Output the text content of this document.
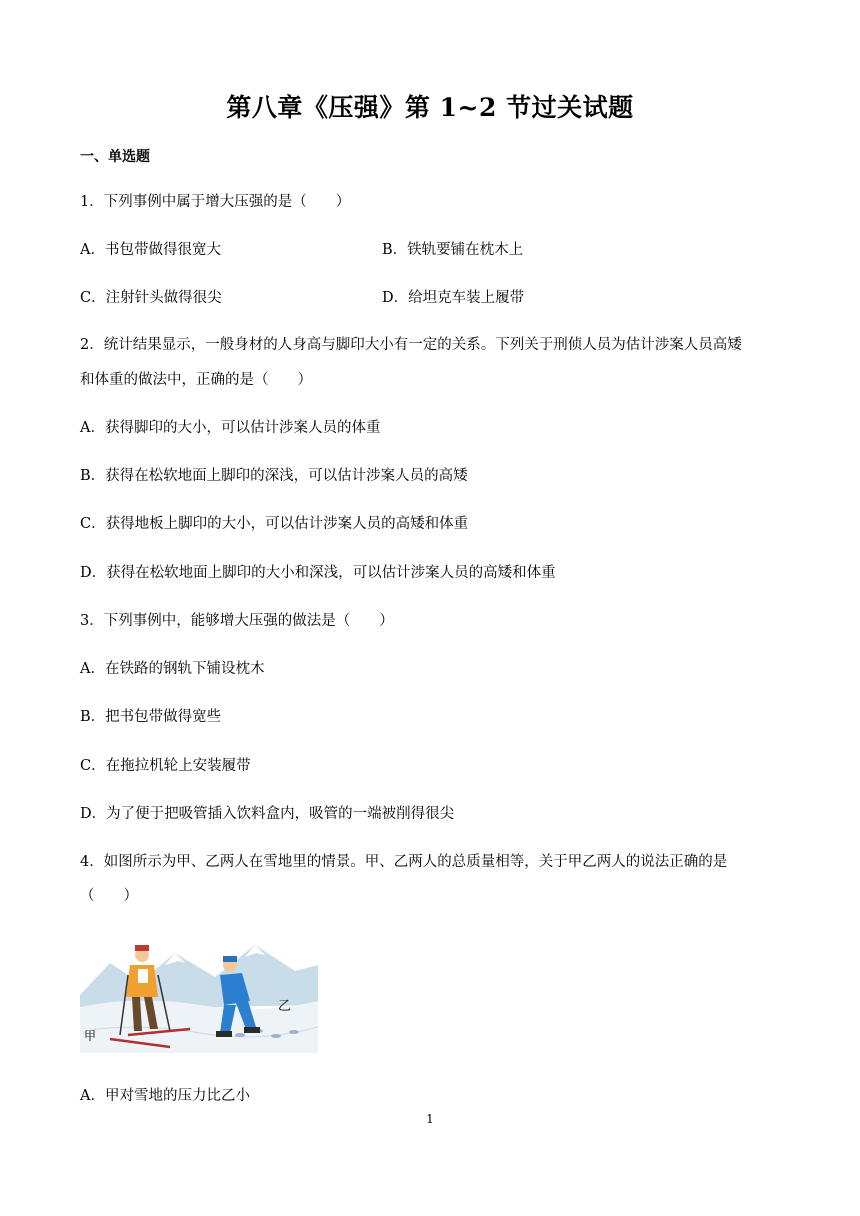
第八章《压强》第 1~2 节过关试题
一、单选题
1．下列事例中属于增大压强的是（　　）
A．书包带做得很宽大	B．铁轨要铺在枕木上
C．注射针头做得很尖	D．给坦克车装上履带
2．统计结果显示，一般身材的人身高与脚印大小有一定的关系。下列关于刑侦人员为估计涉案人员高矮
和体重的做法中，正确的是（　　）
A．获得脚印的大小，可以估计涉案人员的体重
B．获得在松软地面上脚印的深浅，可以估计涉案人员的高矮
C．获得地板上脚印的大小，可以估计涉案人员的高矮和体重
D．获得在松软地面上脚印的大小和深浅，可以估计涉案人员的高矮和体重
3．下列事例中，能够增大压强的做法是（　　）
A．在铁路的钢轨下铺设枕木
B．把书包带做得宽些
C．在拖拉机轮上安装履带
D．为了便于把吸管插入饮料盒内，吸管的一端被削得很尖
4．如图所示为甲、乙两人在雪地里的情景。甲、乙两人的总质量相等，关于甲乙两人的说法正确的是
（　　）
甲
乙
A．甲对雪地的压力比乙小
1
